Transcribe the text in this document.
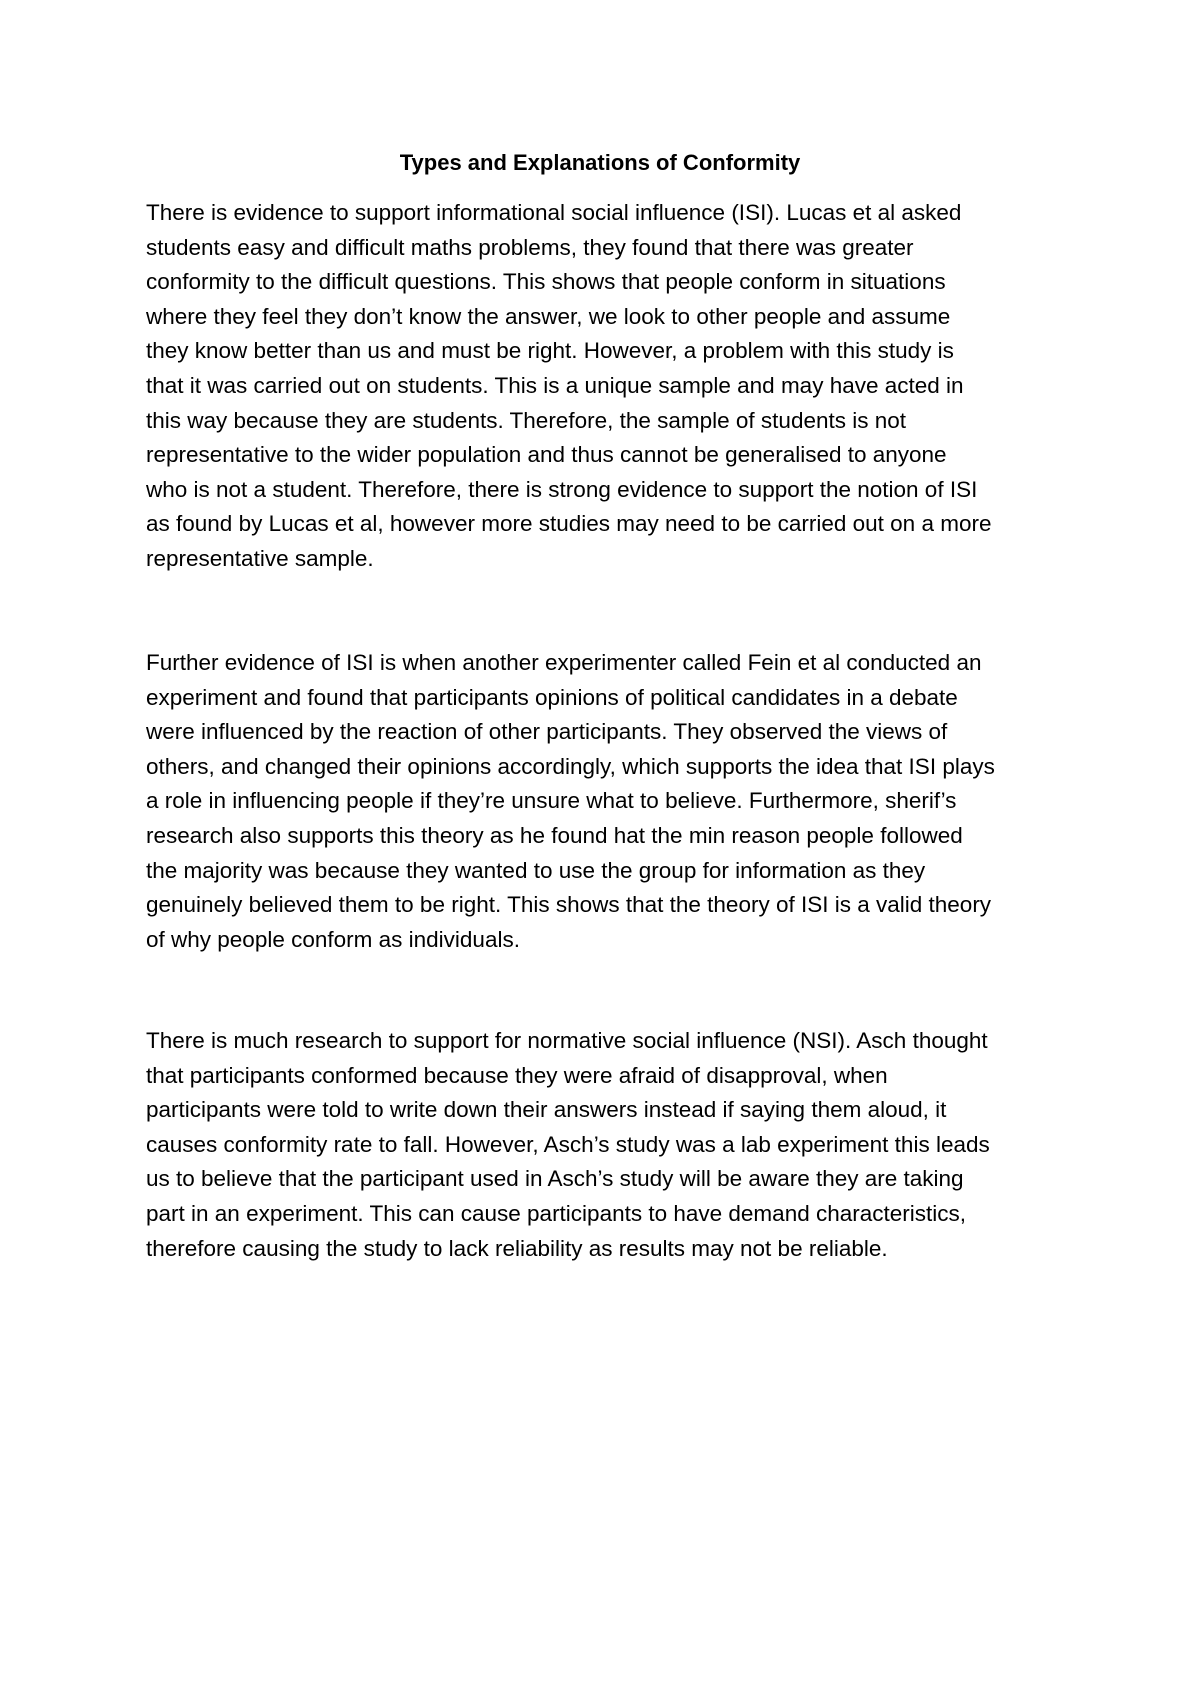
Types and Explanations of Conformity

There is evidence to support informational social influence (ISI). Lucas et al asked
students easy and difficult maths problems, they found that there was greater
conformity to the difficult questions. This shows that people conform in situations
where they feel they don’t know the answer, we look to other people and assume
they know better than us and must be right. However, a problem with this study is
that it was carried out on students. This is a unique sample and may have acted in
this way because they are students. Therefore, the sample of students is not
representative to the wider population and thus cannot be generalised to anyone
who is not a student. Therefore, there is strong evidence to support the notion of ISI
as found by Lucas et al, however more studies may need to be carried out on a more
representative sample.

Further evidence of ISI is when another experimenter called Fein et al conducted an
experiment and found that participants opinions of political candidates in a debate
were influenced by the reaction of other participants. They observed the views of
others, and changed their opinions accordingly, which supports the idea that ISI plays
a role in influencing people if they’re unsure what to believe. Furthermore, sherif’s
research also supports this theory as he found hat the min reason people followed
the majority was because they wanted to use the group for information as they
genuinely believed them to be right. This shows that the theory of ISI is a valid theory
of why people conform as individuals.

There is much research to support for normative social influence (NSI). Asch thought
that participants conformed because they were afraid of disapproval, when
participants were told to write down their answers instead if saying them aloud, it
causes conformity rate to fall. However, Asch’s study was a lab experiment this leads
us to believe that the participant used in Asch’s study will be aware they are taking
part in an experiment. This can cause participants to have demand characteristics,
therefore causing the study to lack reliability as results may not be reliable.
